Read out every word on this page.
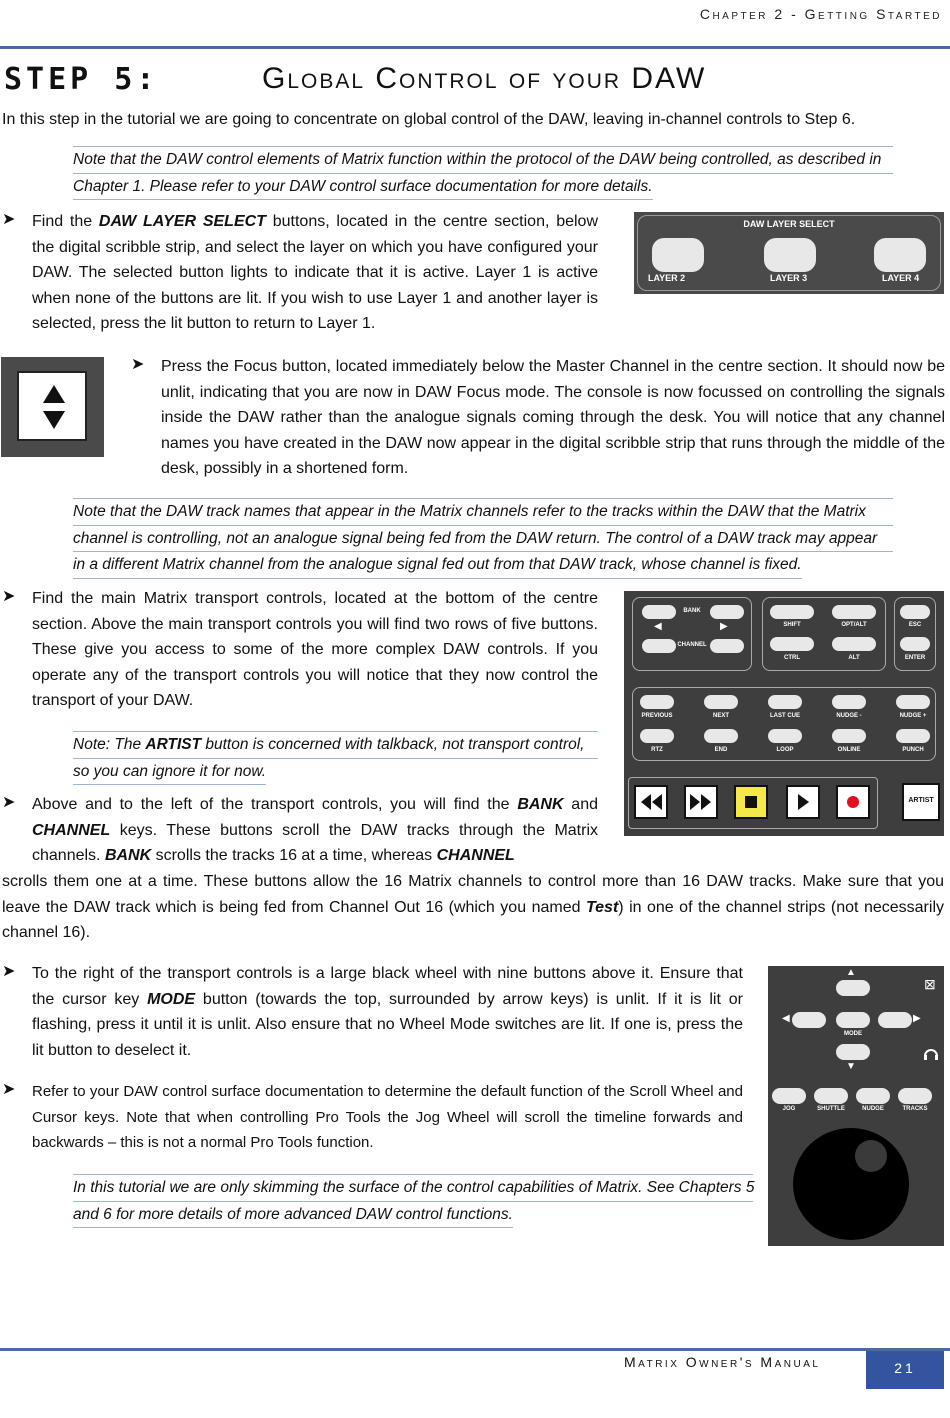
Chapter 2 - Getting Started
STEP 5:	Global Control of your DAW
In this step in the tutorial we are going to concentrate on global control of the DAW, leaving in-channel controls to Step 6.
Note that the DAW control elements of Matrix function within the protocol of the DAW being controlled, as described in
Chapter 1. Please refer to your DAW control surface documentation for more details.
➤ Find the DAW LAYER SELECT buttons, located in the centre section, below the digital scribble strip, and select the layer on which you have configured your DAW. The selected button lights to indicate that it is active. Layer 1 is active when none of the buttons are lit. If you wish to use Layer 1 and another layer is selected, press the lit button to return to Layer 1.
DAW LAYER SELECT
LAYER 2	LAYER 3	LAYER 4
➤ Press the Focus button, located immediately below the Master Channel in the centre section. It should now be unlit, indicating that you are now in DAW Focus mode. The console is now focussed on controlling the signals inside the DAW rather than the analogue signals coming through the desk. You will notice that any channel names you have created in the DAW now appear in the digital scribble strip that runs through the middle of the desk, possibly in a shortened form.
Note that the DAW track names that appear in the Matrix channels refer to the tracks within the DAW that the Matrix
channel is controlling, not an analogue signal being fed from the DAW return. The control of a DAW track may appear
in a different Matrix channel from the analogue signal fed out from that DAW track, whose channel is fixed.
➤ Find the main Matrix transport controls, located at the bottom of the centre section. Above the main transport controls you will find two rows of five buttons. These give you access to some of the more complex DAW controls. If you operate any of the transport controls you will notice that they now control the transport of your DAW.
Note: The ARTIST button is concerned with talkback, not transport control,
so you can ignore it for now.
BANK
◀	▶
CHANNEL
SHIFT	OPT/ALT
CTRL	ALT
ESC
ENTER
PREVIOUS	NEXT	LAST CUE	NUDGE -	NUDGE +
RTZ	END	LOOP	ONLINE	PUNCH
ARTIST
➤ Above and to the left of the transport controls, you will find the BANK and CHANNEL keys. These buttons scroll the DAW tracks through the Matrix channels. BANK scrolls the tracks 16 at a time, whereas CHANNEL
scrolls them one at a time. These buttons allow the 16 Matrix channels to control more than 16 DAW tracks. Make sure that you leave the DAW track which is being fed from Channel Out 16 (which you named Test) in one of the channel strips (not necessarily channel 16).
➤ To the right of the transport controls is a large black wheel with nine buttons above it. Ensure that the cursor key MODE button (towards the top, surrounded by arrow keys) is unlit. If it is lit or flashing, press it until it is unlit. Also ensure that no Wheel Mode switches are lit. If one is, press the lit button to deselect it.
➤ Refer to your DAW control surface documentation to determine the default function of the Scroll Wheel and Cursor keys. Note that when controlling Pro Tools the Jog Wheel will scroll the timeline forwards and backwards – this is not a normal Pro Tools function.
In this tutorial we are only skimming the surface of the control capabilities of Matrix. See Chapters 5
and 6 for more details of more advanced DAW control functions.
▲
◀	▶
MODE
▼
⊠
JOG	SHUTTLE	NUDGE	TRACKS
Matrix Owner's Manual	21
